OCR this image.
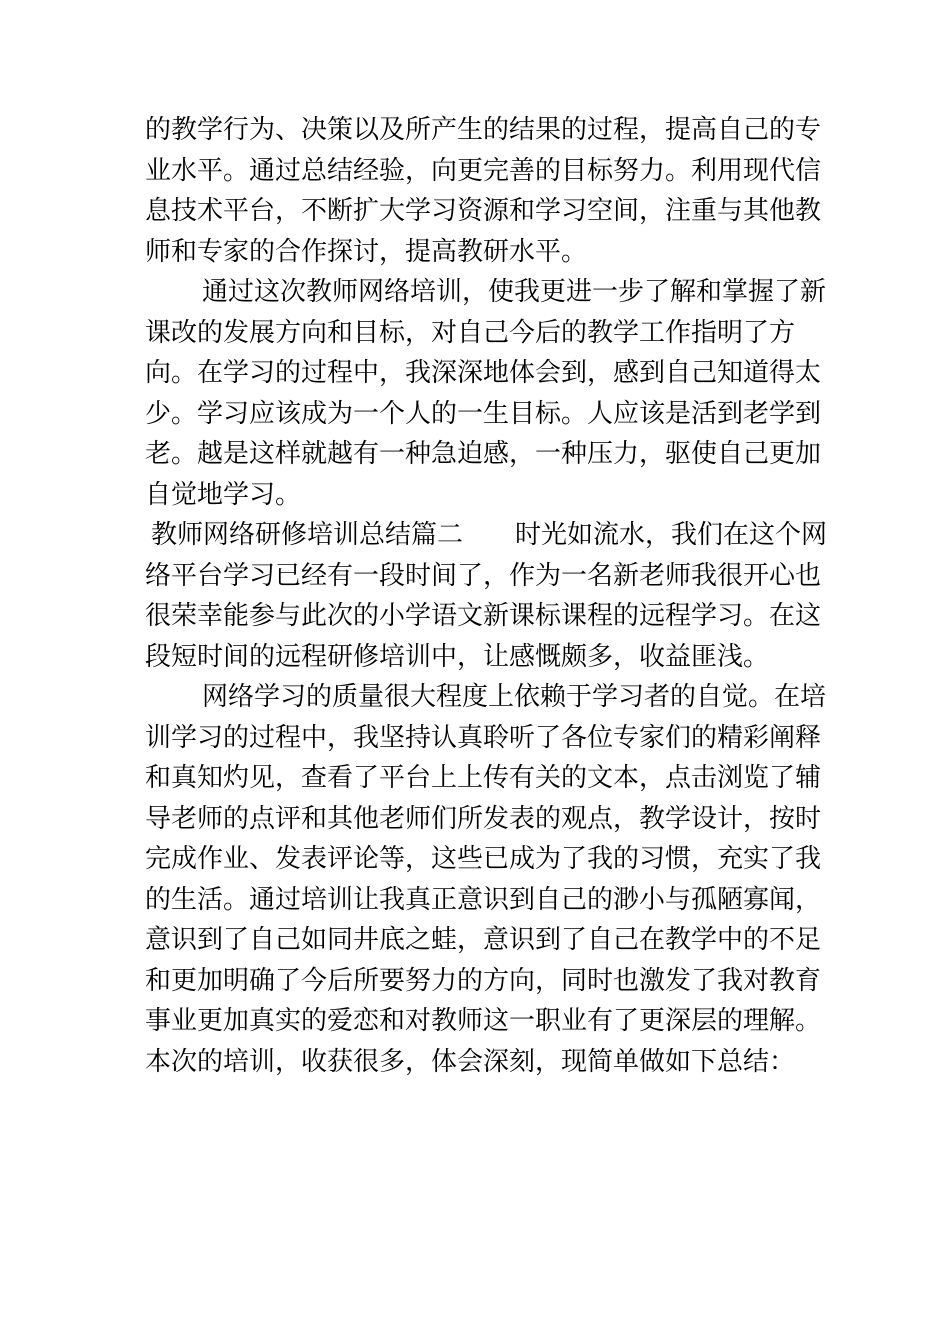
的教学行为、决策以及所产生的结果的过程，提高自己的专
业水平。通过总结经验，向更完善的目标努力。利用现代信
息技术平台，不断扩大学习资源和学习空间，注重与其他教
师和专家的合作探讨，提高教研水平。
通过这次教师网络培训，使我更进一步了解和掌握了新
课改的发展方向和目标，对自己今后的教学工作指明了方
向。在学习的过程中，我深深地体会到，感到自己知道得太
少。学习应该成为一个人的一生目标。人应该是活到老学到
老。越是这样就越有一种急迫感，一种压力，驱使自己更加
自觉地学习。
教师网络研修培训总结篇二 时光如流水，我们在这个网
络平台学习已经有一段时间了，作为一名新老师我很开心也
很荣幸能参与此次的小学语文新课标课程的远程学习。在这
段短时间的远程研修培训中，让感慨颇多，收益匪浅。
网络学习的质量很大程度上依赖于学习者的自觉。在培
训学习的过程中，我坚持认真聆听了各位专家们的精彩阐释
和真知灼见，查看了平台上上传有关的文本，点击浏览了辅
导老师的点评和其他老师们所发表的观点，教学设计，按时
完成作业、发表评论等，这些已成为了我的习惯，充实了我
的生活。通过培训让我真正意识到自己的渺小与孤陋寡闻，
意识到了自己如同井底之蛙，意识到了自己在教学中的不足
和更加明确了今后所要努力的方向，同时也激发了我对教育
事业更加真实的爱恋和对教师这一职业有了更深层的理解。
本次的培训，收获很多，体会深刻，现简单做如下总结：
